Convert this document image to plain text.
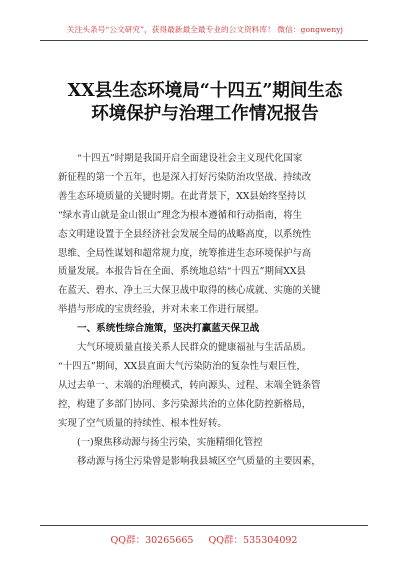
关注头条号“公文研究”，获得最新最全最专业的公文资料库！ 微信：gongwenyj
XX县生态环境局“十四五”期间生态
环境保护与治理工作情况报告
“十四五”时期是我国开启全面建设社会主义现代化国家
新征程的第一个五年，也是深入打好污染防治攻坚战、持续改
善生态环境质量的关键时期。在此背景下，XX县始终坚持以
“绿水青山就是金山银山”理念为根本遵循和行动指南，将生
态文明建设置于全县经济社会发展全局的战略高度，以系统性
思维、全局性谋划和超常规力度，统筹推进生态环境保护与高
质量发展。本报告旨在全面、系统地总结“十四五”期间XX县
在蓝天、碧水、净土三大保卫战中取得的核心成就、实施的关键
举措与形成的宝贵经验，并对未来工作进行展望。
一、系统性综合施策，坚决打赢蓝天保卫战
大气环境质量直接关系人民群众的健康福祉与生活品质。
“十四五”期间，XX县直面大气污染防治的复杂性与艰巨性，
从过去单一、末端的治理模式，转向源头、过程、末端全链条管
控，构建了多部门协同、多污染源共治的立体化防控新格局，
实现了空气质量的持续性、根本性好转。
(一)聚焦移动源与扬尘污染，实施精细化管控
移动源与扬尘污染曾是影响我县城区空气质量的主要因素，
QQ群：30265665 QQ群：535304092
